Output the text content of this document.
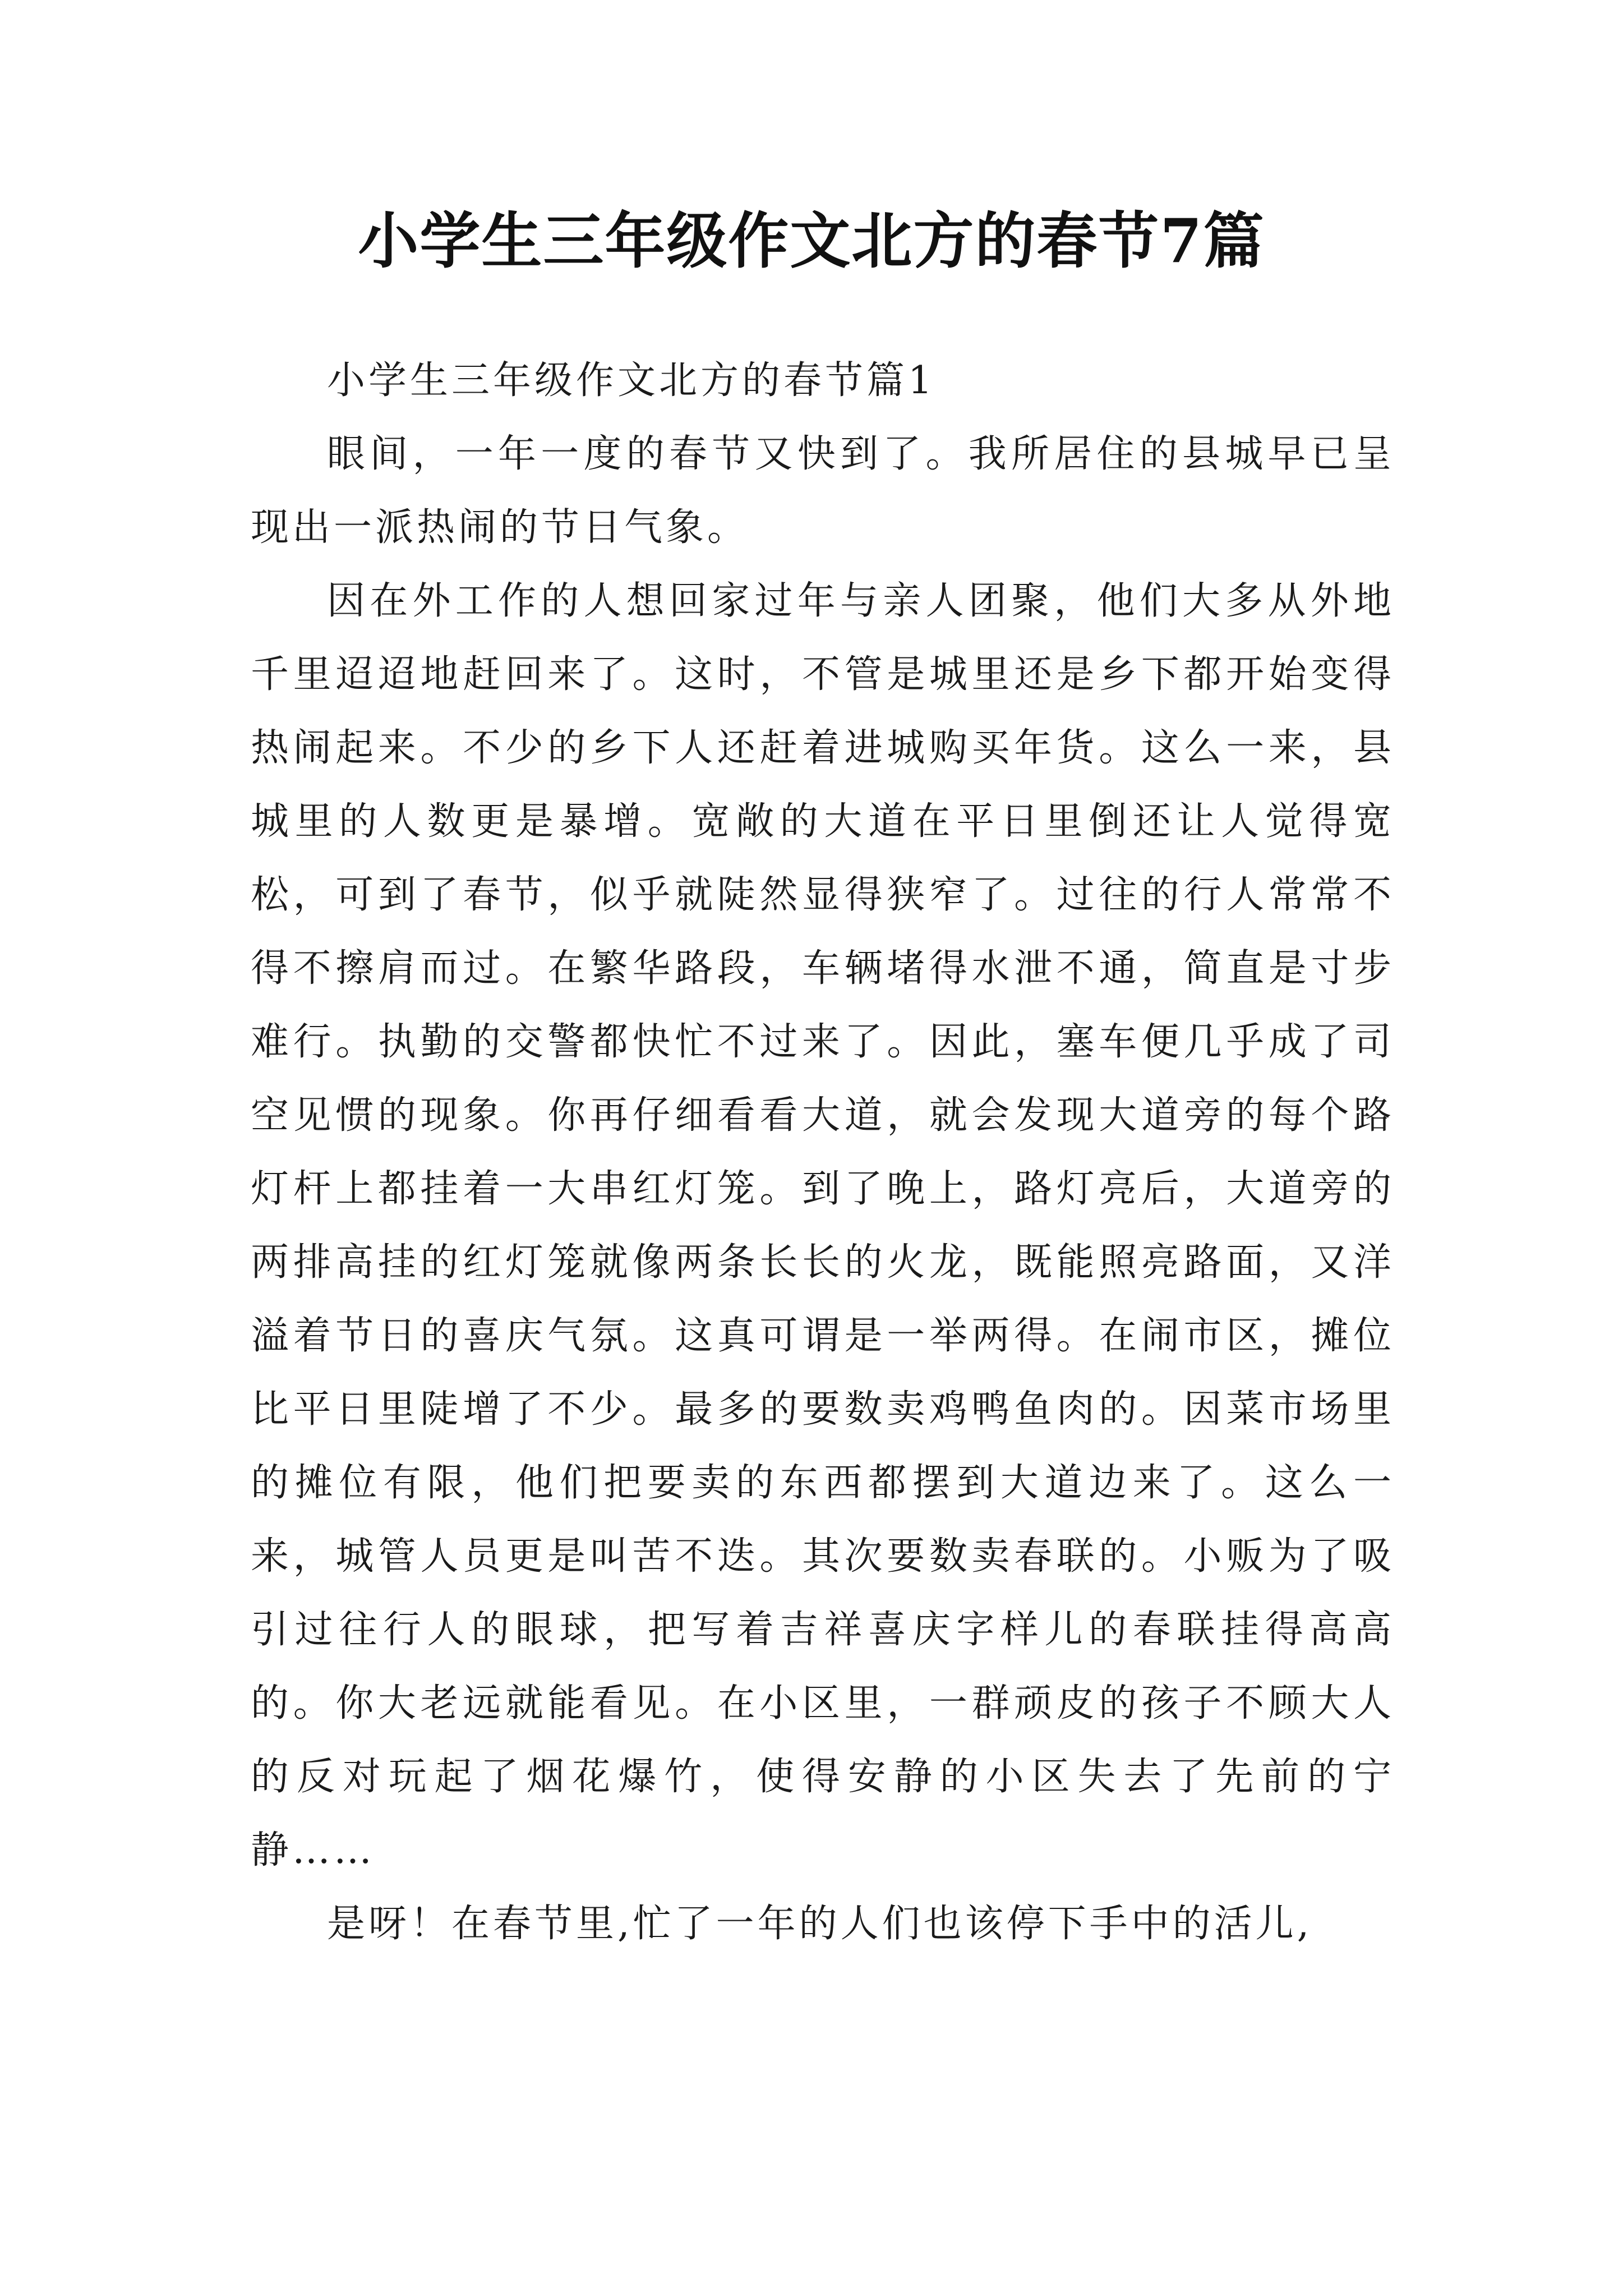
小学生三年级作文北方的春节7篇

小学生三年级作文北方的春节篇1

眼间，一年一度的春节又快到了。我所居住的县城早已呈现出一派热闹的节日气象。

因在外工作的人想回家过年与亲人团聚，他们大多从外地千里迢迢地赶回来了。这时，不管是城里还是乡下都开始变得热闹起来。不少的乡下人还赶着进城购买年货。这么一来，县城里的人数更是暴增。宽敞的大道在平日里倒还让人觉得宽松，可到了春节，似乎就陡然显得狭窄了。过往的行人常常不得不擦肩而过。在繁华路段，车辆堵得水泄不通，简直是寸步难行。执勤的交警都快忙不过来了。因此，塞车便几乎成了司空见惯的现象。你再仔细看看大道，就会发现大道旁的每个路灯杆上都挂着一大串红灯笼。到了晚上，路灯亮后，大道旁的两排高挂的红灯笼就像两条长长的火龙，既能照亮路面，又洋溢着节日的喜庆气氛。这真可谓是一举两得。在闹市区，摊位比平日里陡增了不少。最多的要数卖鸡鸭鱼肉的。因菜市场里的摊位有限，他们把要卖的东西都摆到大道边来了。这么一来，城管人员更是叫苦不迭。其次要数卖春联的。小贩为了吸引过往行人的眼球，把写着吉祥喜庆字样儿的春联挂得高高的。你大老远就能看见。在小区里，一群顽皮的孩子不顾大人的反对玩起了烟花爆竹，使得安静的小区失去了先前的宁静……

是呀！在春节里,忙了一年的人们也该停下手中的活儿,
